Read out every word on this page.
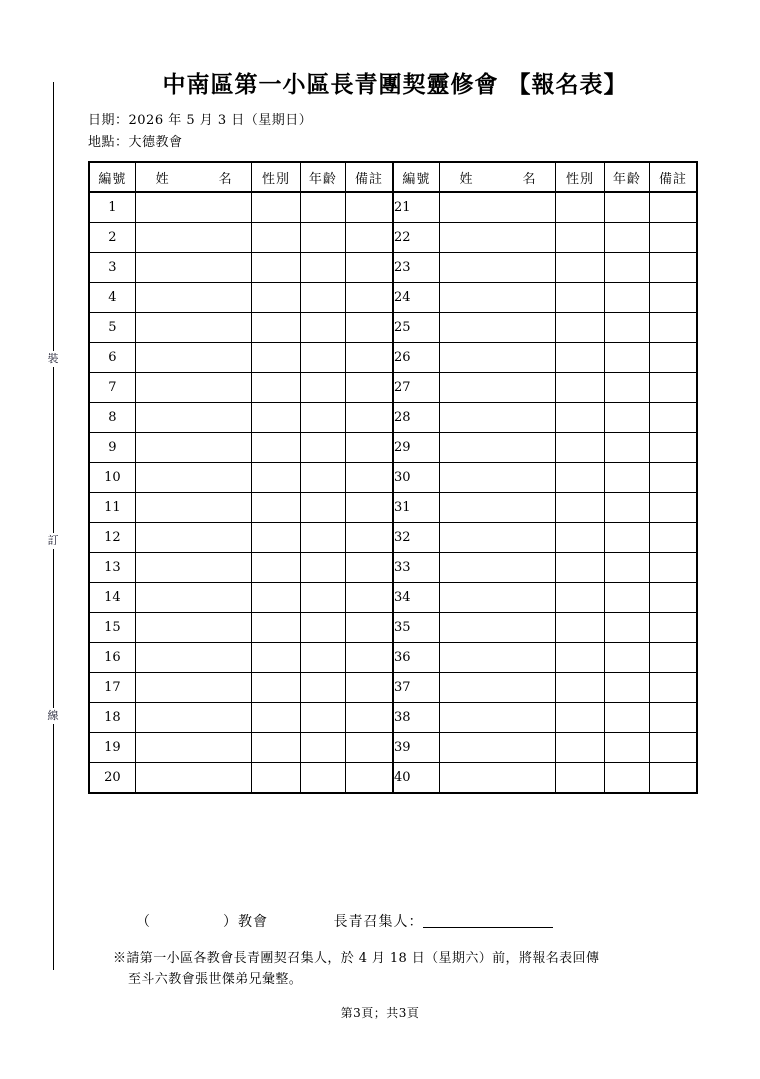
裝
訂
線
中南區第一小區長青團契靈修會 【報名表】
日期：2026 年 5 月 3 日（星期日）
地點：大德教會
編號	姓　　名	性別	年齡	備註	編號	姓　　名	性別	年齡	備註
1					21				
2					22				
3					23				
4					24				
5					25				
6					26				
7					27				
8					28				
9					29				
10					30				
11					31				
12					32				
13					33				
14					34				
15					35				
16					36				
17					37				
18					38				
19					39				
20					40				
（	）教會	長青召集人：
※請第一小區各教會長青團契召集人，於 4 月 18 日（星期六）前，將報名表回傳
至斗六教會張世傑弟兄彙整。
第3頁；共3頁
